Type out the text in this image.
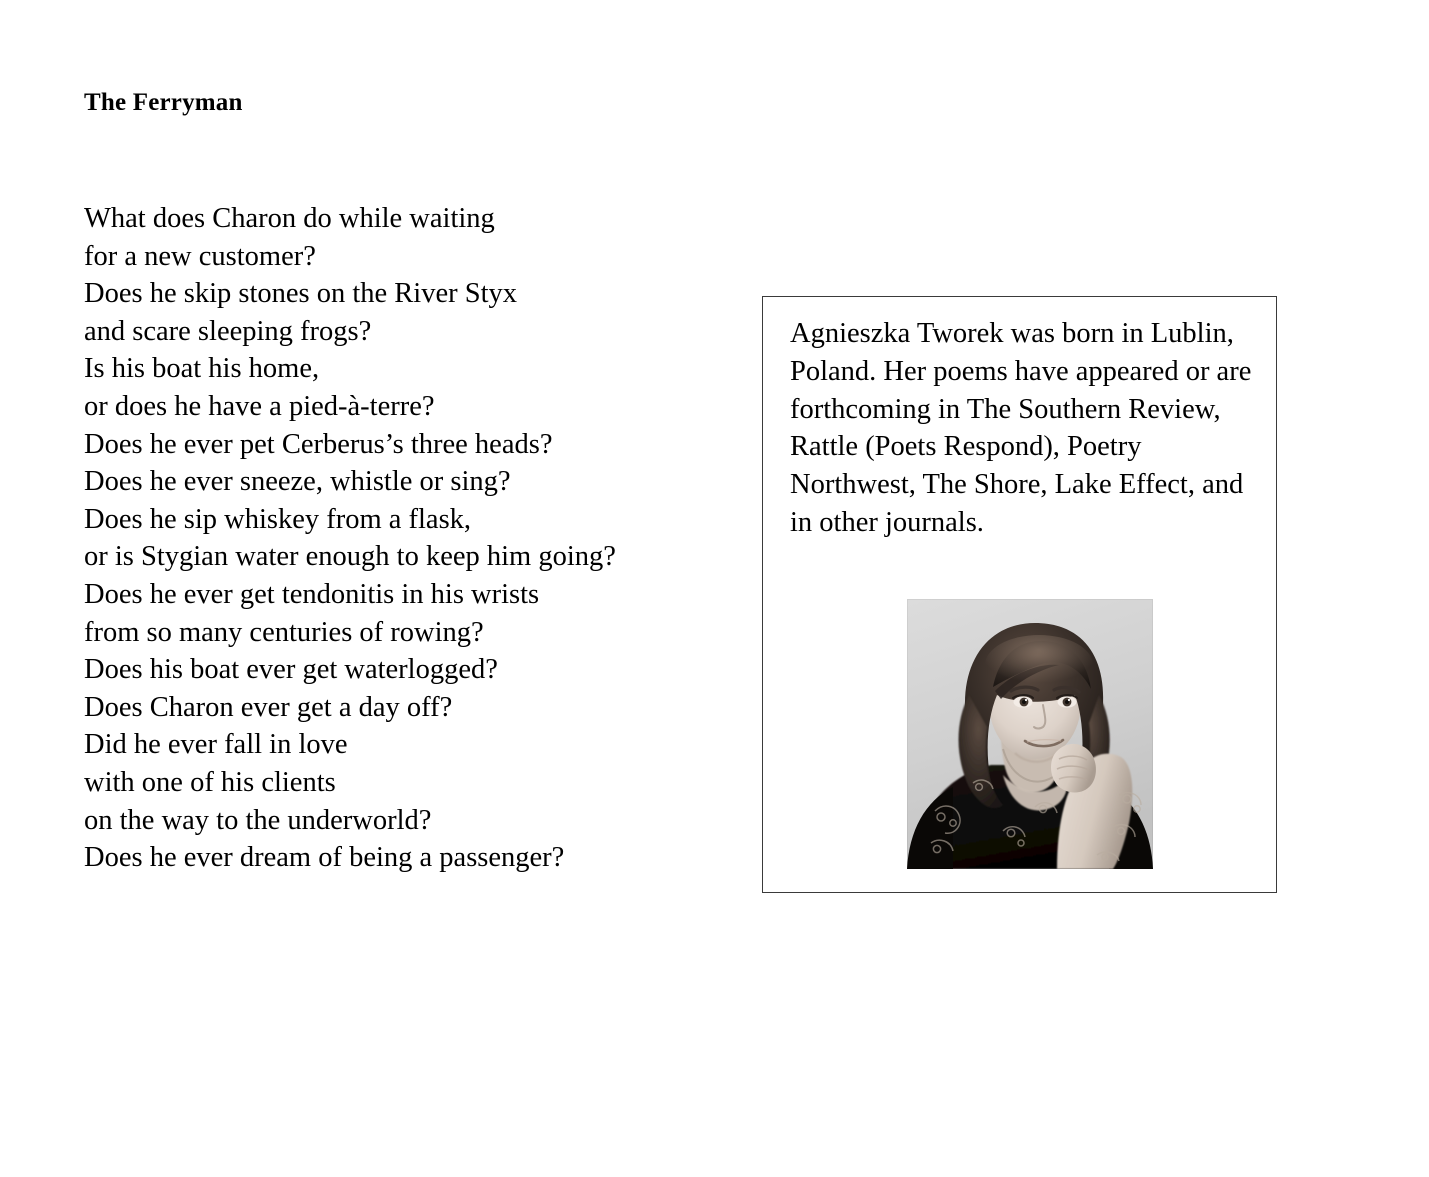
The Ferryman
What does Charon do while waiting
for a new customer?
Does he skip stones on the River Styx
and scare sleeping frogs?
Is his boat his home,
or does he have a pied-à-terre?
Does he ever pet Cerberus’s three heads?
Does he ever sneeze, whistle or sing?
Does he sip whiskey from a flask,
or is Stygian water enough to keep him going?
Does he ever get tendonitis in his wrists
from so many centuries of rowing?
Does his boat ever get waterlogged?
Does Charon ever get a day off?
Did he ever fall in love
with one of his clients
on the way to the underworld?
Does he ever dream of being a passenger?
Agnieszka Tworek was born in Lublin, Poland. Her poems have appeared or are forthcoming in The Southern Review, Rattle (Poets Respond), Poetry Northwest, The Shore, Lake Effect, and in other journals.
